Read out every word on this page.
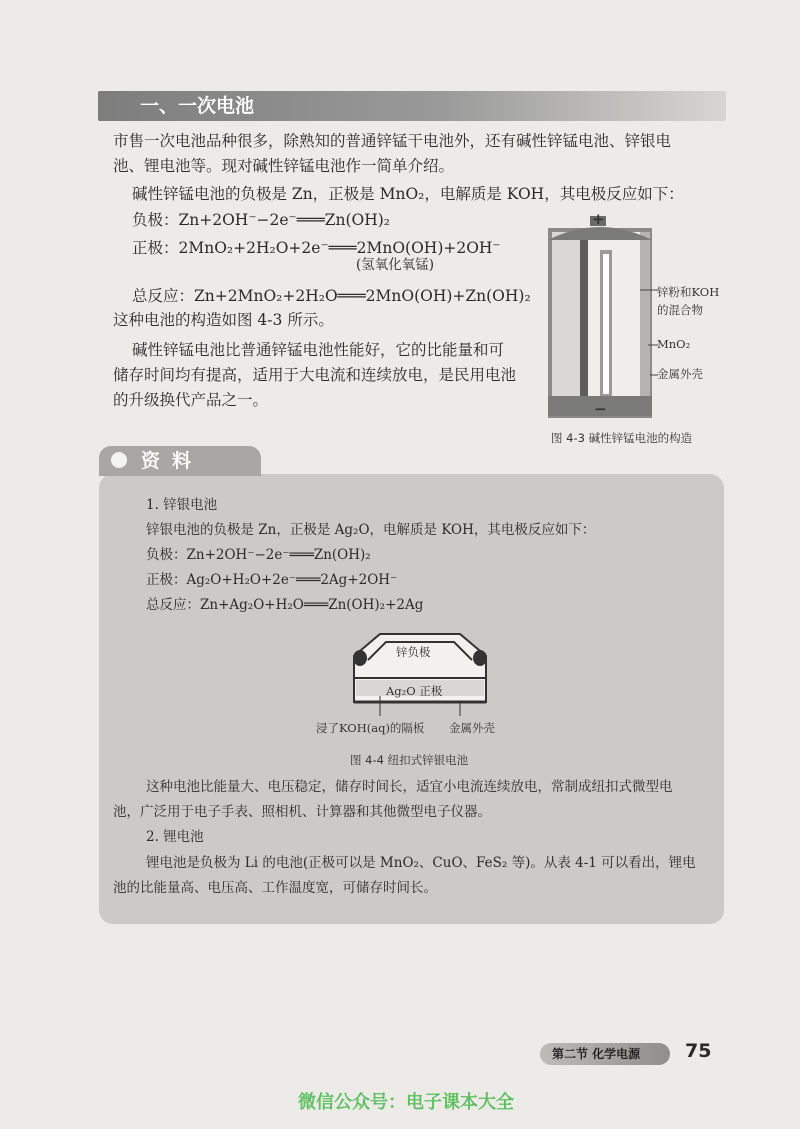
一、一次电池
市售一次电池品种很多，除熟知的普通锌锰干电池外，还有碱性锌锰电池、锌银电
池、锂电池等。现对碱性锌锰电池作一简单介绍。
碱性锌锰电池的负极是 Zn，正极是 MnO₂，电解质是 KOH，其电极反应如下：
负极：Zn+2OH⁻−2e⁻═══Zn(OH)₂
正极：2MnO₂+2H₂O+2e⁻═══2MnO(OH)+2OH⁻
(氢氧化氧锰)
总反应：Zn+2MnO₂+2H₂O═══2MnO(OH)+Zn(OH)₂
这种电池的构造如图 4-3 所示。
碱性锌锰电池比普通锌锰电池性能好，它的比能量和可
储存时间均有提高，适用于大电流和连续放电，是民用电池
的升级换代产品之一。
+
−
锌粉和KOH
的混合物
MnO₂
金属外壳
图 4-3 碱性锌锰电池的构造
资料
1. 锌银电池
锌银电池的负极是 Zn，正极是 Ag₂O，电解质是 KOH，其电极反应如下：
负极：Zn+2OH⁻−2e⁻═══Zn(OH)₂
正极：Ag₂O+H₂O+2e⁻═══2Ag+2OH⁻
总反应：Zn+Ag₂O+H₂O═══Zn(OH)₂+2Ag
锌负极
Ag₂O 正极
浸了KOH(aq)的隔板 金属外壳
图 4-4 纽扣式锌银电池
这种电池比能量大、电压稳定，储存时间长，适宜小电流连续放电，常制成纽扣式微型电
池，广泛用于电子手表、照相机、计算器和其他微型电子仪器。
2. 锂电池
锂电池是负极为 Li 的电池(正极可以是 MnO₂、CuO、FeS₂ 等)。从表 4-1 可以看出，锂电
池的比能量高、电压高、工作温度宽，可储存时间长。
第二节 化学电源 75
微信公众号：电子课本大全
